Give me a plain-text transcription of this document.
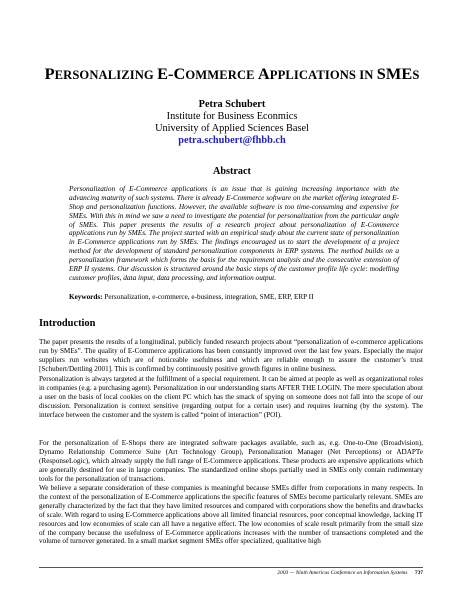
PERSONALIZING E-COMMERCE APPLICATIONS IN SMES
Petra Schubert
Institute for Business Econmics
University of Applied Sciences Basel
petra.schubert@fhbb.ch
Abstract
Personalization of E-Commerce applications is an issue that is gaining increasing importance with the advancing maturity of such systems. There is already E-Commerce software on the market offering integrated E-Shop and personalization functions. However, the available software is too time-consuming and expensive for SMEs. With this in mind we saw a need to investigate the potential for personalization from the particular angle of SMEs. This paper presents the results of a research project about personalization of E-Commerce applications run by SMEs. The project started with an empirical study about the current state of personalization in E-Commerce applications run by SMEs. The findings encouraged us to start the development of a project method for the development of standard personalization components in ERP systems. The method builds on a personalization framework which forms the basis for the requirement analysis and the consecutive extension of ERP II systems. Our discussion is structured around the basic steps of the customer profile life cycle: modelling customer profiles, data input, data processing, and information output.
Keywords: Personalization, e-commerce, e-business, integration, SME, ERP, ERP II
Introduction
The paper presents the results of a longitudinal, publicly funded research projects about “personalization of e-commerce applications run by SMEs”. The quality of E-Commerce applications has been constantly improved over the last few years. Especially the major suppliers run websites which are of noticeable usefulness and which are reliable enough to assure the customer’s trust [Schubert/Dettling 2001]. This is confirmed by continuously positive growth figures in online business.
Personalization is always targeted at the fulfillment of a special requirement. It can be aimed at people as well as organizational roles in companies (e.g. a purchasing agent). Personalization in our understanding starts AFTER THE LOGIN. The mere speculation about a user on the basis of local cookies on the client PC which has the smack of spying on someone does not fall into the scope of our discussion. Personalization is context sensitive (regarding output for a certain user) and requires learning (by the system). The interface between the customer and the system is called “point of interaction” (POI).
For the personalization of E-Shops there are integrated software packages available, such as, e.g. One-to-One (Broadvision), Dynamo Relationship Commerce Suite (Art Technology Group), Personalization Manager (Net Perceptions) or ADAPTe (ResponseLogic), which already supply the full range of E-Commerce applications. These products are expensive applications which are generally destined for use in large companies. The standardized online shops partially used in SMEs only contain rudimentary tools for the personalization of transactions.
We believe a separate consideration of these companies is meaningful because SMEs differ from corporations in many respects. In the context of the personalization of E-Commerce applications the specific features of SMEs become particularly relevant. SMEs are generally characterized by the fact that they have limited resources and compared with corporations show the benefits and drawbacks of scale. With regard to using E-Commerce applications above all limited financial resources, poor conceptual knowledge, lacking IT resources and low economies of scale can all have a negative effect. The low economies of scale result primarily from the small size of the company because the usefulness of E-Commerce applications increases with the number of transactions completed and the volume of turnover generated. In a small market segment SMEs offer specialized, qualitative high
2003 — Ninth Americas Conference on Information Systems 737
